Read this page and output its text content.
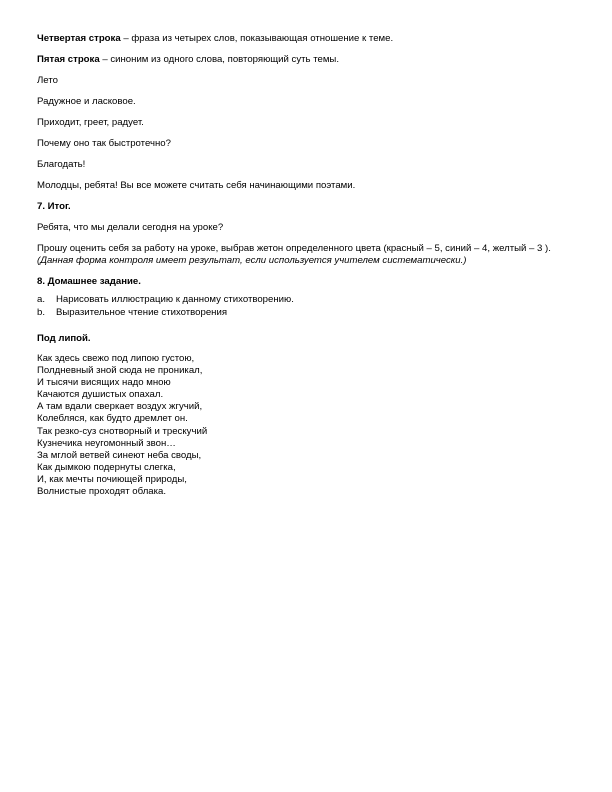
Четвертая строка – фраза из четырех слов, показывающая отношение к теме.

Пятая строка – синоним из одного слова, повторяющий суть темы.

Лето

Радужное и ласковое.

Приходит, греет, радует.

Почему оно так быстротечно?

Благодать!

Молодцы, ребята! Вы все можете считать себя начинающими поэтами.

7. Итог.

Ребята, что мы делали сегодня на уроке?

Прошу оценить себя за работу на уроке, выбрав жетон определенного цвета (красный – 5, синий – 4, желтый – 3 ). (Данная форма контроля имеет результат, если используется учителем систематически.)

8. Домашнее задание.

a. Нарисовать иллюстрацию к данному стихотворению.
b. Выразительное чтение стихотворения

Под липой.

Как здесь свежо под липою густою,

Полдневный зной сюда не проникал,

И тысячи висящих надо мною

Качаются душистых опахал.

А там вдали сверкает воздух жгучий,

Колебляся, как будто дремлет он.

Так резко-суз снотворный и трескучий

Кузнечика неугомонный звон…

За мглой ветвей синеют неба своды,

Как дымкою подернуты слегка,

И, как мечты почиющей природы,

Волнистые проходят облака.
